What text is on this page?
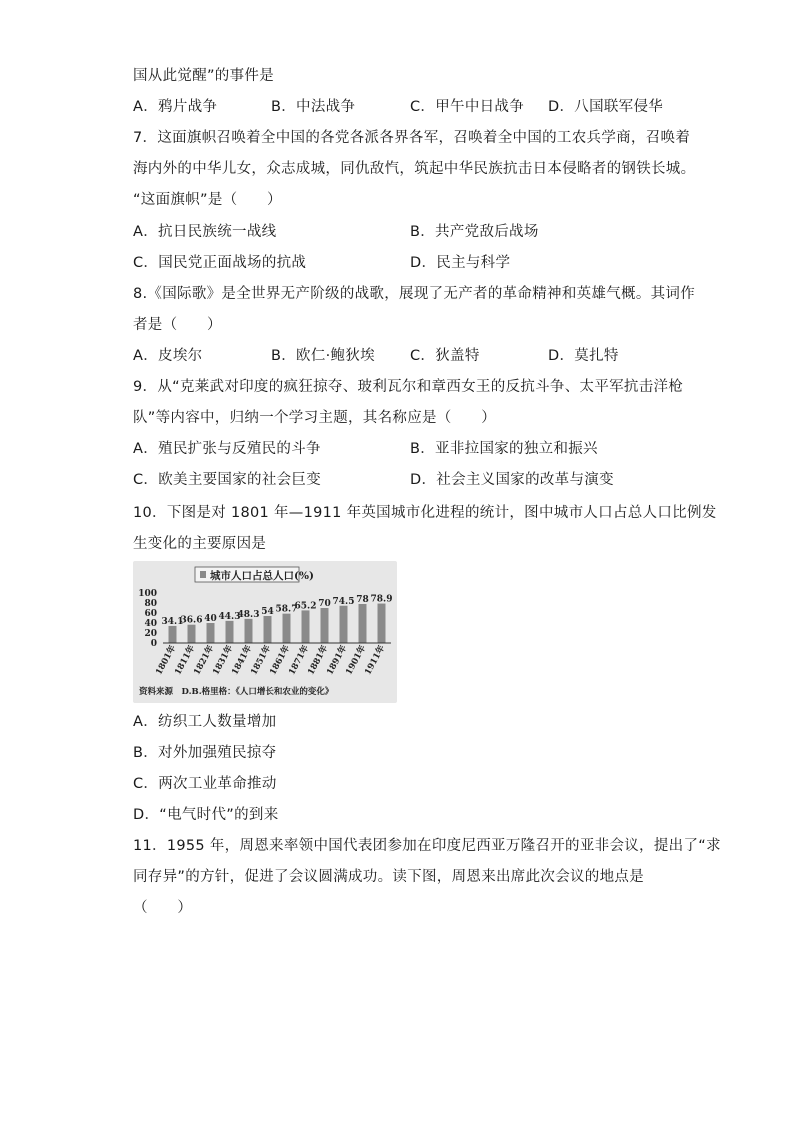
国从此觉醒”的事件是
A．鸦片战争	B．中法战争	C．甲午中日战争 D．八国联军侵华
7．这面旗帜召唤着全中国的各党各派各界各军，召唤着全中国的工农兵学商，召唤着
海内外的中华儿女，众志成城，同仇敌忾，筑起中华民族抗击日本侵略者的钢铁长城。
“这面旗帜”是（　　）
A．抗日民族统一战线	B．共产党敌后战场
C．国民党正面战场的抗战	D．民主与科学
8.《国际歌》是全世界无产阶级的战歌，展现了无产者的革命精神和英雄气概。其词作
者是（　　）
A．皮埃尔	B．欧仁·鲍狄埃 C．狄盖特	D．莫扎特
9．从“克莱武对印度的疯狂掠夺、玻利瓦尔和章西女王的反抗斗争、太平军抗击洋枪
队”等内容中，归纳一个学习主题，其名称应是（　　）
A．殖民扩张与反殖民的斗争	B．亚非拉国家的独立和振兴
C．欧美主要国家的社会巨变	D．社会主义国家的改革与演变
10．下图是对 1801 年—1911 年英国城市化进程的统计，图中城市人口占总人口比例发
生变化的主要原因是
城市人口占总人口(%)
100
80
60
40
20
0
34.1
36.6 40 44.3
48.3 54 58.7
65.2 70 74.5 78 78.9
1801年
1811年
1821年
1831年
1841年
1851年
1861年
1871年
1881年
1891年
1901年
1911年
资料来源　D.B.格里格：《人口增长和农业的变化》
A．纺织工人数量增加
B．对外加强殖民掠夺
C．两次工业革命推动
D．“电气时代”的到来
11．1955 年，周恩来率领中国代表团参加在印度尼西亚万隆召开的亚非会议，提出了“求
同存异”的方针，促进了会议圆满成功。读下图，周恩来出席此次会议的地点是
（　　）
